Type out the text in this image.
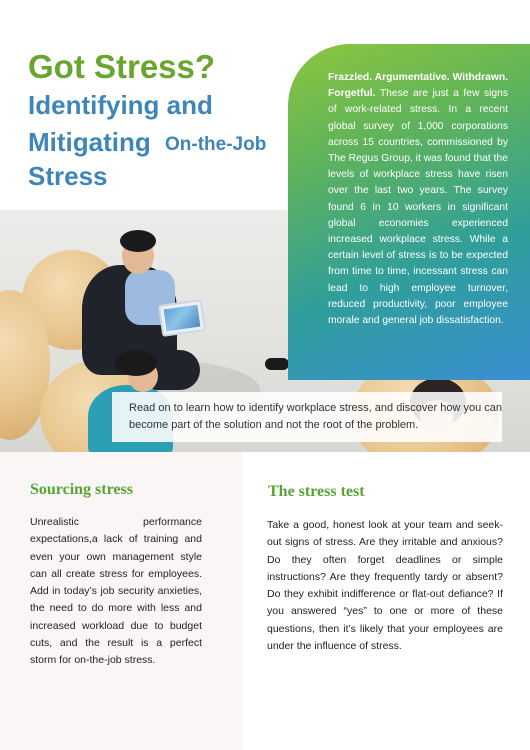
Got Stress?
Identifying and
Mitigating On-the-Job
Stress
Frazzled. Argumentative. Withdrawn. Forgetful. These are just a few signs of work-related stress. In a recent global survey of 1,000 corporations across 15 countries, commissioned by The Regus Group, it was found that the levels of workplace stress have risen over the last two years. The survey found 6 in 10 workers in significant global economies experienced increased workplace stress. While a certain level of stress is to be expected from time to time, incessant stress can lead to high employee turnover, reduced productivity, poor employee morale and general job dissatisfaction.
Read on to learn how to identify workplace stress, and discover how you can become part of the solution and not the root of the problem.
Sourcing stress
Unrealistic performance expectations,a lack of training and even your own management style can all create stress for employees. Add in today’s job security anxieties, the need to do more with less and increased workload due to budget cuts, and the result is a perfect storm for on-the-job stress.
The stress test
Take a good, honest look at your team and seek-out signs of stress. Are they irritable and anxious? Do they often forget deadlines or simple instructions? Are they frequently tardy or absent? Do they exhibit indifference or flat-out defiance? If you answered “yes” to one or more of these questions, then it’s likely that your employees are under the influence of stress.
